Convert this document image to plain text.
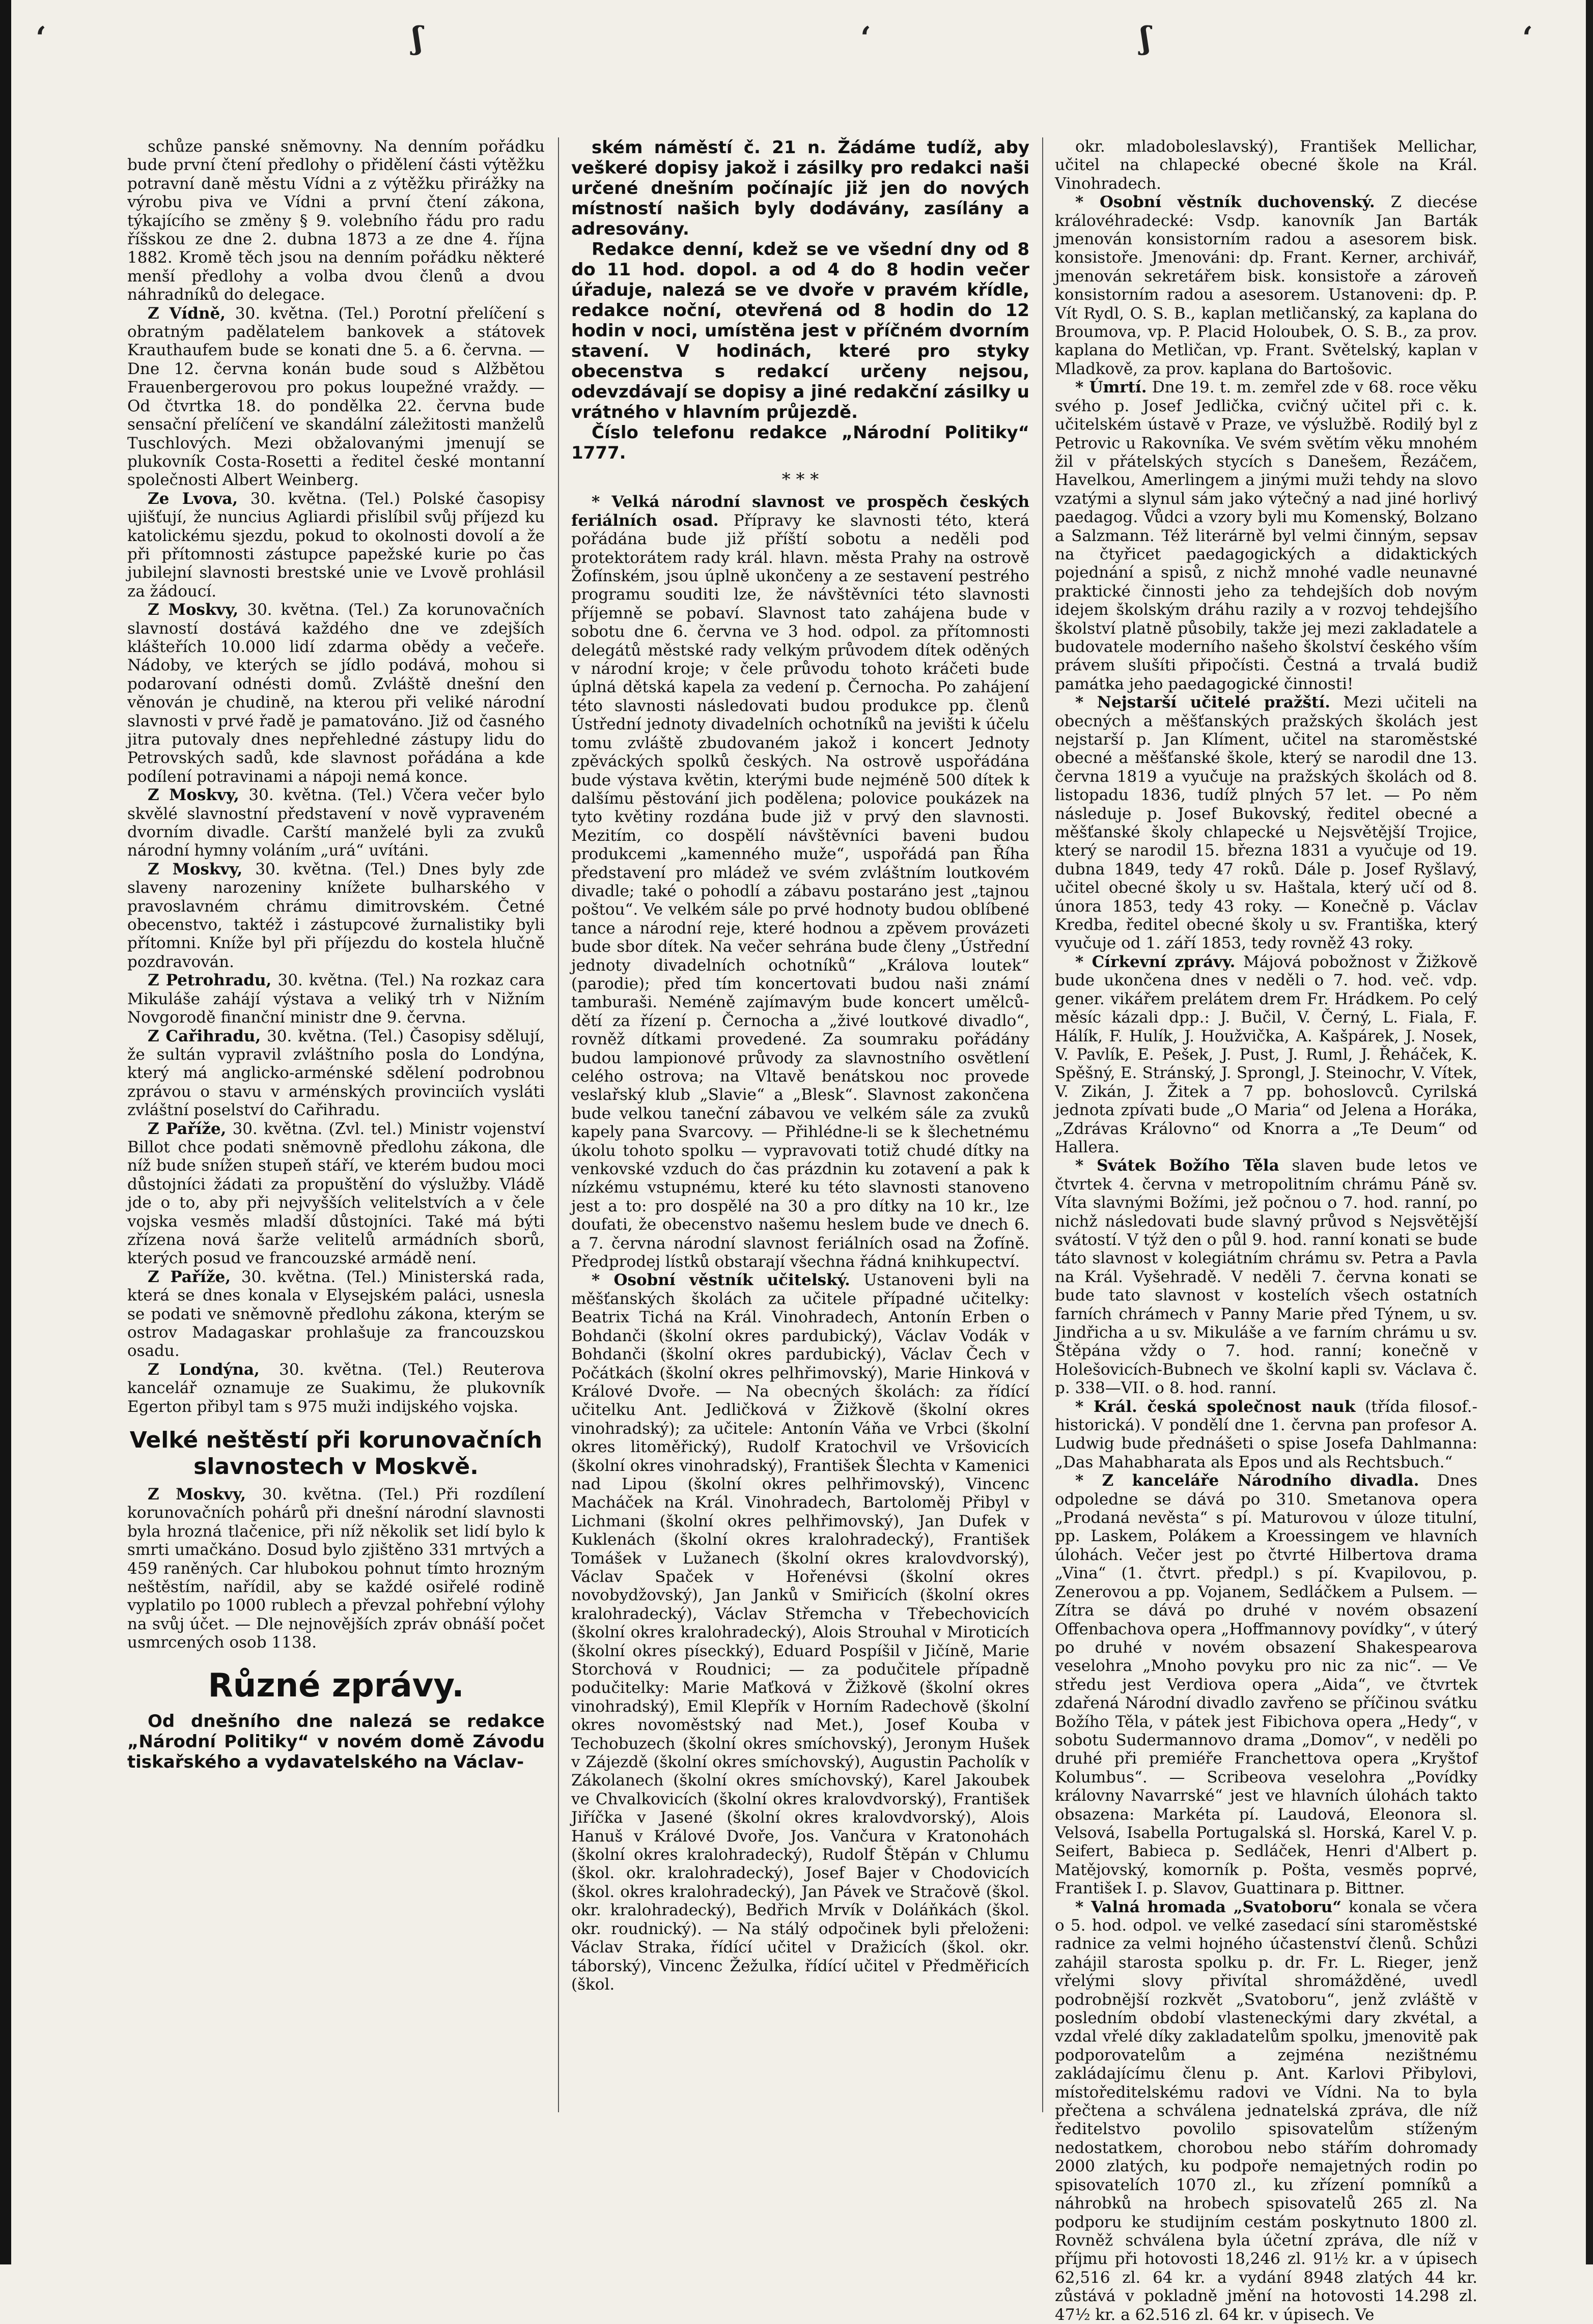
‘	ʃ	‘	ʃ	‘

schůze panské sněmovny. Na denním pořádku bude první čtení předlohy o přidělení části výtěžku potravní daně městu Vídni a z výtěžku přirážky na výrobu piva ve Vídni a první čtení zákona, týkajícího se změny § 9. volebního řádu pro radu říšskou ze dne 2. dubna 1873 a ze dne 4. října 1882. Kromě těch jsou na denním pořádku některé menší předlohy a volba dvou členů a dvou náhradníků do delegace.

Z Vídně, 30. května. (Tel.) Porotní přelíčení s obratným padělatelem bankovek a státovek Krauthaufem bude se konati dne 5. a 6. června. — Dne 12. června konán bude soud s Alžbětou Frauenbergerovou pro pokus loupežné vraždy. — Od čtvrtka 18. do pondělka 22. června bude sensační přelíčení ve skandální záležitosti manželů Tuschlových. Mezi obžalovanými jmenují se plukovník Costa-Rosetti a ředitel české montanní společnosti Albert Weinberg.

Ze Lvova, 30. května. (Tel.) Polské časopisy ujišťují, že nuncius Agliardi přislíbil svůj příjezd ku katolickému sjezdu, pokud to okolnosti dovolí a že při přítomnosti zástupce papežské kurie po čas jubilejní slavnosti brestské unie ve Lvově prohlásil za žádoucí.

Z Moskvy, 30. května. (Tel.) Za korunovačních slavností dostává každého dne ve zdejších klášteřích 10.000 lidí zdarma obědy a večeře. Nádoby, ve kterých se jídlo podává, mohou si podarovaní odnésti domů. Zvláště dnešní den věnován je chudině, na kterou při veliké národní slavnosti v prvé řadě je pamatováno. Již od časného jitra putovaly dnes nepřehledné zástupy lidu do Petrovských sadů, kde slavnost pořádána a kde podílení potravinami a nápoji nemá konce.

Z Moskvy, 30. května. (Tel.) Včera večer bylo skvělé slavnostní představení v nově vypraveném dvorním divadle. Carští manželé byli za zvuků národní hymny voláním „urá“ uvítáni.

Z Moskvy, 30. května. (Tel.) Dnes byly zde slaveny narozeniny knížete bulharského v pravoslavném chrámu dimitrovském. Četné obecenstvo, taktéž i zástupcové žurnalistiky byli přítomni. Kníže byl při příjezdu do kostela hlučně pozdravován.

Z Petrohradu, 30. května. (Tel.) Na rozkaz cara Mikuláše zahájí výstava a veliký trh v Nižním Novgorodě finanční ministr dne 9. června.

Z Cařihradu, 30. května. (Tel.) Časopisy sdělují, že sultán vypravil zvláštního posla do Londýna, který má anglicko-arménské sdělení podrobnou zprávou o stavu v arménských provinciích vysláti zvláštní poselství do Cařihradu.

Z Paříže, 30. května. (Zvl. tel.) Ministr vojenství Billot chce podati sněmovně předlohu zákona, dle níž bude snížen stupeň stáří, ve kterém budou moci důstojníci žádati za propuštění do výslužby. Vládě jde o to, aby při nejvyšších velitelstvích a v čele vojska vesměs mladší důstojníci. Také má býti zřízena nová šarže velitelů armádních sborů, kterých posud ve francouzské armádě není.

Z Paříže, 30. května. (Tel.) Ministerská rada, která se dnes konala v Elysejském paláci, usnesla se podati ve sněmovně předlohu zákona, kterým se ostrov Madagaskar prohlašuje za francouzskou osadu.

Z Londýna, 30. května. (Tel.) Reuterova kancelář oznamuje ze Suakimu, že plukovník Egerton přibyl tam s 975 muži indijského vojska.

Velké neštěstí při korunovačních slavnostech v Moskvě.

Z Moskvy, 30. května. (Tel.) Při rozdílení korunovačních pohárů při dnešní národní slavnosti byla hrozná tlačenice, při níž několik set lidí bylo k smrti umačkáno. Dosud bylo zjištěno 331 mrtvých a 459 raněných. Car hlubokou pohnut tímto hrozným neštěstím, nařídil, aby se každé osiřelé rodině vyplatilo po 1000 rublech a převzal pohřební výlohy na svůj účet. — Dle nejnovějších zpráv obnáší počet usmrcených osob 1138.

Různé zprávy.

Od dnešního dne nalezá se redakce „Národní Politiky“ v novém domě Závodu tiskařského a vydavatelského na Václav-

ském náměstí č. 21 n. Žádáme tudíž, aby veškeré dopisy jakož i zásilky pro redakci naši určené dnešním počínajíc již jen do nových místností našich byly dodávány, zasílány a adresovány.

Redakce denní, kdež se ve všední dny od 8 do 11 hod. dopol. a od 4 do 8 hodin večer úřaduje, nalezá se ve dvoře v pravém křídle, redakce noční, otevřená od 8 hodin do 12 hodin v noci, umístěna jest v příčném dvorním stavení. V hodinách, které pro styky obecenstva s redakcí určeny nejsou, odevzdávají se dopisy a jiné redakční zásilky u vrátného v hlavním průjezdě.

Číslo telefonu redakce „Národní Politiky“ 1777.

* * *

* Velká národní slavnost ve prospěch českých feriálních osad. Přípravy ke slavnosti této, která pořádána bude již příští sobotu a neděli pod protektorátem rady král. hlavn. města Prahy na ostrově Žofínském, jsou úplně ukončeny a ze sestavení pestrého programu souditi lze, že návštěvníci této slavnosti příjemně se pobaví. Slavnost tato zahájena bude v sobotu dne 6. června ve 3 hod. odpol. za přítomnosti delegátů městské rady velkým průvodem dítek oděných v národní kroje; v čele průvodu tohoto kráčeti bude úplná dětská kapela za vedení p. Černocha. Po zahájení této slavnosti následovati budou produkce pp. členů Ústřední jednoty divadelních ochotníků na jevišti k účelu tomu zvláště zbudovaném jakož i koncert Jednoty zpěváckých spolků českých. Na ostrově uspořádána bude výstava květin, kterými bude nejméně 500 dítek k dalšímu pěstování jich podělena; polovice poukázek na tyto květiny rozdána bude již v prvý den slavnosti. Mezitím, co dospělí návštěvníci baveni budou produkcemi „kamenného muže“, uspořádá pan Říha představení pro mládež ve svém zvláštním loutkovém divadle; také o pohodlí a zábavu postaráno jest „tajnou poštou“. Ve velkém sále po prvé hodnoty budou oblíbené tance a národní reje, které hodnou a zpěvem provázeti bude sbor dítek. Na večer sehrána bude členy „Ústřední jednoty divadelních ochotníků“ „Králova loutek“ (parodie); před tím koncertovati budou naši známí tamburaši. Neméně zajímavým bude koncert umělců-dětí za řízení p. Černocha a „živé loutkové divadlo“, rovněž dítkami provedené. Za soumraku pořádány budou lampionové průvody za slavnostního osvětlení celého ostrova; na Vltavě benátskou noc provede veslařský klub „Slavie“ a „Blesk“. Slavnost zakončena bude velkou taneční zábavou ve velkém sále za zvuků kapely pana Svarcovy. — Přihlédne-li se k šlechetnému úkolu tohoto spolku — vypravovati totiž chudé dítky na venkovské vzduch do čas prázdnin ku zotavení a pak k nízkému vstupnému, které ku této slavnosti stanoveno jest a to: pro dospělé na 30 a pro dítky na 10 kr., lze doufati, že obecenstvo našemu heslem bude ve dnech 6. a 7. června národní slavnost feriálních osad na Žofíně. Předprodej lístků obstarají všechna řádná knihkupectví.

* Osobní věstník učitelský. Ustanoveni byli na měšťanských školách za učitele případné učitelky: Beatrix Tichá na Král. Vinohradech, Antonín Erben o Bohdanči (školní okres pardubický), Václav Vodák v Bohdanči (školní okres pardubický), Václav Čech v Počátkách (školní okres pelhřimovský), Marie Hinková v Králové Dvoře. — Na obecných školách: za řídící učitelku Ant. Jedličková v Žižkově (školní okres vinohradský); za učitele: Antonín Váňa ve Vrbci (školní okres litoměřický), Rudolf Kratochvil ve Vršovicích (školní okres vinohradský), František Šlechta v Kamenici nad Lipou (školní okres pelhřimovský), Vincenc Macháček na Král. Vinohradech, Bartoloměj Přibyl v Lichmani (školní okres pelhřimovský), Jan Dufek v Kuklenách (školní okres kralohradecký), František Tomášek v Lužanech (školní okres kralovdvorský), Václav Spaček v Hořenévsi (školní okres novobydžovský), Jan Janků v Smiřicích (školní okres kralohradecký), Václav Střemcha v Třebechovicích (školní okres kralohradecký), Alois Strouhal v Miroticích (školní okres píseckký), Eduard Pospíšil v Jičíně, Marie Storchová v Roudnici; — za podučitele případně podučitelky: Marie Maťková v Žižkově (školní okres vinohradský), Emil Klepřík v Horním Radechově (školní okres novoměstský nad Met.), Josef Kouba v Techobuzech (školní okres smíchovský), Jeronym Hušek v Zájezdě (školní okres smíchovský), Augustin Pacholík v Zákolanech (školní okres smíchovský), Karel Jakoubek ve Chvalkovicích (školní okres kralovdvorský), František Jiříčka v Jasené (školní okres kralovdvorský), Alois Hanuš v Králové Dvoře, Jos. Vančura v Kratonohách (školní okres kralohradecký), Rudolf Štěpán v Chlumu (škol. okr. kralohradecký), Josef Bajer v Chodovicích (škol. okres kralohradecký), Jan Pávek ve Stračově (škol. okr. kralohradecký), Bedřich Mrvík v Doláňkách (škol. okr. roudnický). — Na stálý odpočinek byli přeloženi: Václav Straka, řídící učitel v Dražicích (škol. okr. táborský), Vincenc Žežulka, řídící učitel v Předměřicích (škol.

okr. mladoboleslavský), František Mellichar, učitel na chlapecké obecné škole na Král. Vinohradech.

* Osobní věstník duchovenský. Z diecése královéhradecké: Vsdp. kanovník Jan Barták jmenován konsistorním radou a asesorem bisk. konsistoře. Jmenováni: dp. Frant. Kerner, archivář, jmenován sekretářem bisk. konsistoře a zároveň konsistorním radou a asesorem. Ustanoveni: dp. P. Vít Rydl, O. S. B., kaplan metličanský, za kaplana do Broumova, vp. P. Placid Holoubek, O. S. B., za prov. kaplana do Metličan, vp. Frant. Světelský, kaplan v Mladkově, za prov. kaplana do Bartošovic.

* Úmrtí. Dne 19. t. m. zemřel zde v 68. roce věku svého p. Josef Jedlička, cvičný učitel při c. k. učitelském ústavě v Praze, ve výslužbě. Rodilý byl z Petrovic u Rakovníka. Ve svém světím věku mnohém žil v přátelských stycích s Danešem, Řezáčem, Havelkou, Amerlingem a jinými muži tehdy na slovo vzatými a slynul sám jako výtečný a nad jiné horlivý paedagog. Vůdci a vzory byli mu Komenský, Bolzano a Salzmann. Též literárně byl velmi činným, sepsav na čtyřicet paedagogických a didaktických pojednání a spisů, z nichž mnohé vadle neunavné praktické činnosti jeho za tehdejších dob novým idejem školským dráhu razily a v rozvoj tehdejšího školství platně působily, takže jej mezi zakladatele a budovatele moderního našeho školství českého vším právem slušíti připočísti. Čestná a trvalá budiž památka jeho paedagogické činnosti!

* Nejstarší učitelé pražští. Mezi učiteli na obecných a měšťanských pražských školách jest nejstarší p. Jan Klíment, učitel na staroměstské obecné a měšťanské škole, který se narodil dne 13. června 1819 a vyučuje na pražských školách od 8. listopadu 1836, tudíž plných 57 let. — Po něm následuje p. Josef Bukovský, ředitel obecné a měšťanské školy chlapecké u Nejsvětější Trojice, který se narodil 15. března 1831 a vyučuje od 19. dubna 1849, tedy 47 roků. Dále p. Josef Ryšlavý, učitel obecné školy u sv. Haštala, který učí od 8. února 1853, tedy 43 roky. — Konečně p. Václav Kredba, ředitel obecné školy u sv. Františka, který vyučuje od 1. září 1853, tedy rovněž 43 roky.

* Církevní zprávy. Májová pobožnost v Žižkově bude ukončena dnes v neděli o 7. hod. več. vdp. gener. vikářem prelátem drem Fr. Hrádkem. Po celý měsíc kázali dpp.: J. Bučil, V. Černý, L. Fiala, F. Hálík, F. Hulík, J. Houžvička, A. Kašpárek, J. Nosek, V. Pavlík, E. Pešek, J. Pust, J. Ruml, J. Řeháček, K. Spěšný, E. Stránský, J. Sprongl, J. Steinochr, V. Vítek, V. Zikán, J. Žitek a 7 pp. bohoslovců. Cyrilská jednota zpívati bude „O Maria“ od Jelena a Horáka, „Zdrávas Královno“ od Knorra a „Te Deum“ od Hallera.

* Svátek Božího Těla slaven bude letos ve čtvrtek 4. června v metropolitním chrámu Páně sv. Víta slavnými Božími, jež počnou o 7. hod. ranní, po nichž následovati bude slavný průvod s Nejsvětější svátostí. V týž den o půl 9. hod. ranní konati se bude táto slavnost v kolegiátním chrámu sv. Petra a Pavla na Král. Vyšehradě. V neděli 7. června konati se bude tato slavnost v kostelích všech ostatních farních chrámech v Panny Marie před Týnem, u sv. Jindřicha a u sv. Mikuláše a ve farním chrámu u sv. Štěpána vždy o 7. hod. ranní; konečně v Holešovicích-Bubnech ve školní kapli sv. Václava č. p. 338—VII. o 8. hod. ranní.

* Král. česká společnost nauk (třída filosof.-historická). V pondělí dne 1. června pan profesor A. Ludwig bude přednášeti o spise Josefa Dahlmanna: „Das Mahabharata als Epos und als Rechtsbuch.“

* Z kanceláře Národního divadla. Dnes odpoledne se dává po 310. Smetanova opera „Prodaná nevěsta“ s pí. Maturovou v úloze titulní, pp. Laskem, Polákem a Kroessingem ve hlavních úlohách. Večer jest po čtvrté Hilbertova drama „Vina“ (1. čtvrt. předpl.) s pí. Kvapilovou, p. Zenerovou a pp. Vojanem, Sedláčkem a Pulsem. — Zítra se dává po druhé v novém obsazení Offenbachova opera „Hoffmannovy povídky“, v úterý po druhé v novém obsazení Shakespearova veselohra „Mnoho povyku pro nic za nic“. — Ve středu jest Verdiova opera „Aida“, ve čtvrtek zdařená Národní divadlo zavřeno se příčinou svátku Božího Těla, v pátek jest Fibichova opera „Hedy“, v sobotu Sudermannovo drama „Domov“, v neděli po druhé při premiéře Franchettova opera „Kryštof Kolumbus“. — Scribeova veselohra „Povídky královny Navarrské“ jest ve hlavních úlohách takto obsazena: Markéta pí. Laudová, Eleonora sl. Velsová, Isabella Portugalská sl. Horská, Karel V. p. Seifert, Babieca p. Sedláček, Henri d'Albert p. Matějovský, komorník p. Pošta, vesměs poprvé, František I. p. Slavov, Guattinara p. Bittner.

* Valná hromada „Svatoboru“ konala se včera o 5. hod. odpol. ve velké zasedací síni staroměstské radnice za velmi hojného účastenství členů. Schůzi zahájil starosta spolku p. dr. Fr. L. Rieger, jenž vřelými slovy přivítal shromážděné, uvedl podrobnější rozkvět „Svatoboru“, jenž zvláště v posledním období vlasteneckými dary zkvétal, a vzdal vřelé díky zakladatelům spolku, jmenovitě pak podporovatelům a zejména nezištnému zakládajícímu členu p. Ant. Karlovi Přibylovi, místoředitelskému radovi ve Vídni. Na to byla přečtena a schválena jednatelská zpráva, dle níž ředitelstvo povolilo spisovatelům stíženým nedostatkem, chorobou nebo stářím dohromady 2000 zlatých, ku podpoře nemajetných rodin po spisovatelích 1070 zl., ku zřízení pomníků a náhrobků na hrobech spisovatelů 265 zl. Na podporu ke studijním cestám poskytnuto 1800 zl. Rovněž schválena byla účetní zpráva, dle níž v příjmu při hotovosti 18,246 zl. 91½ kr. a v úpisech 62,516 zl. 64 kr. a vydání 8948 zlatých 44 kr. zůstává v pokladně jmění na hotovosti 14.298 zl. 47½ kr. a 62.516 zl. 64 kr. v úpisech. Ve
